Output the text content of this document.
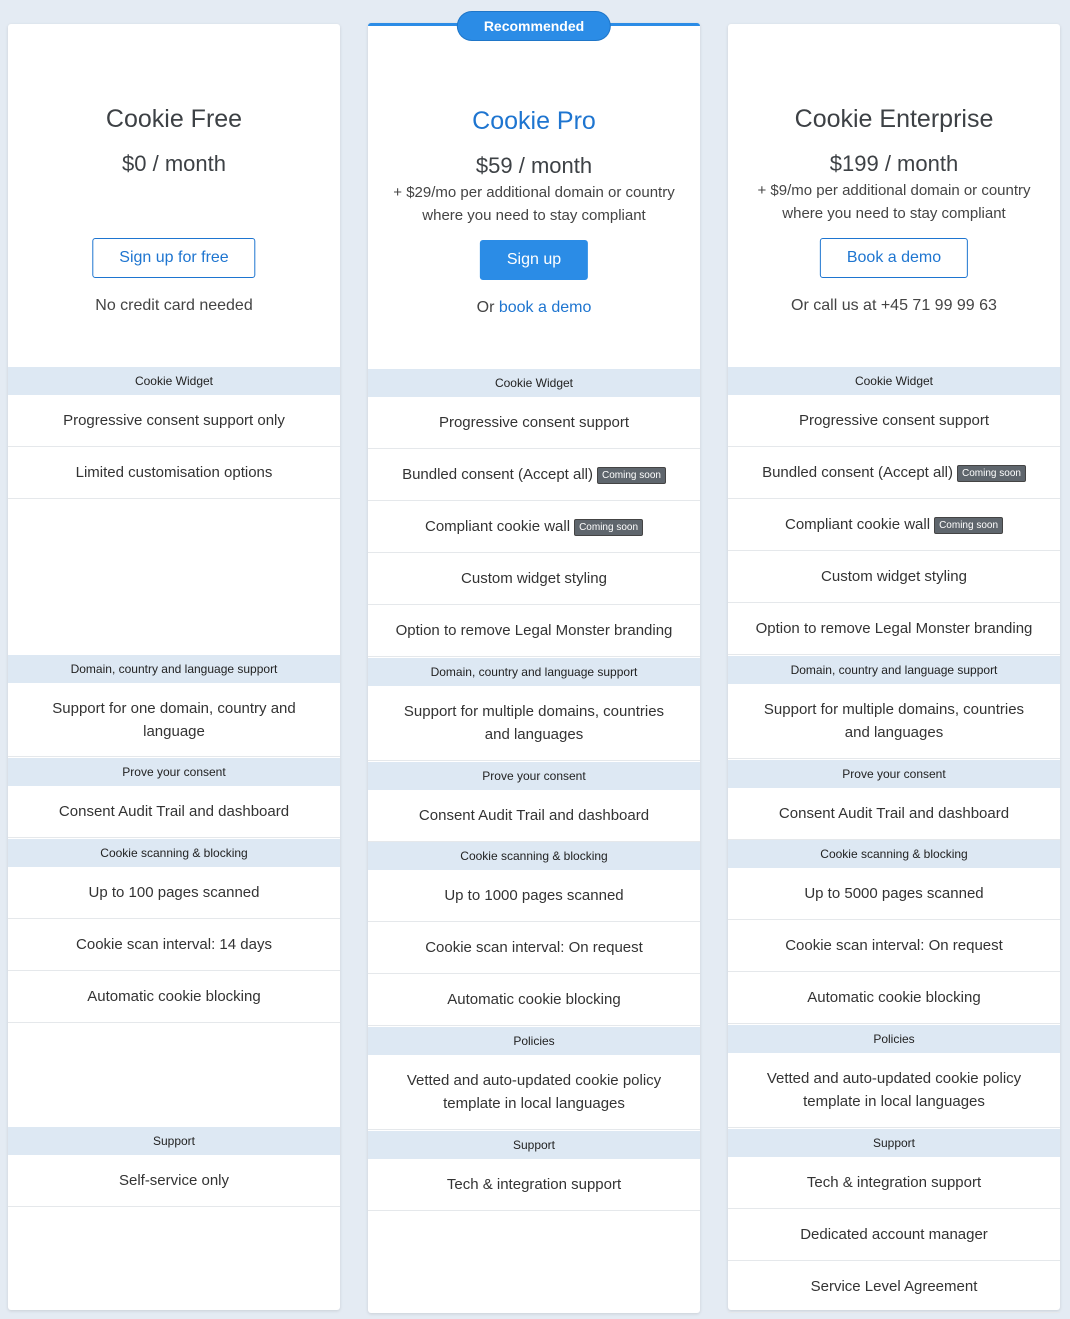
Cookie Free
$0 / month
Sign up for free
No credit card needed
Cookie Widget
Progressive consent support only
Limited customisation options
Domain, country and language support
Support for one domain, country and language
Prove your consent
Consent Audit Trail and dashboard
Cookie scanning & blocking
Up to 100 pages scanned
Cookie scan interval: 14 days
Automatic cookie blocking
Support
Self-service only
Recommended
Cookie Pro
$59 / month
+ $29/mo per additional domain or country
where you need to stay compliant
Sign up
Or book a demo
Cookie Widget
Progressive consent support
Bundled consent (Accept all) Coming soon
Compliant cookie wall Coming soon
Custom widget styling
Option to remove Legal Monster branding
Domain, country and language support
Support for multiple domains, countries and languages
Prove your consent
Consent Audit Trail and dashboard
Cookie scanning & blocking
Up to 1000 pages scanned
Cookie scan interval: On request
Automatic cookie blocking
Policies
Vetted and auto-updated cookie policy template in local languages
Support
Tech & integration support
Cookie Enterprise
$199 / month
+ $9/mo per additional domain or country
where you need to stay compliant
Book a demo
Or call us at +45 71 99 99 63
Cookie Widget
Progressive consent support
Bundled consent (Accept all) Coming soon
Compliant cookie wall Coming soon
Custom widget styling
Option to remove Legal Monster branding
Domain, country and language support
Support for multiple domains, countries and languages
Prove your consent
Consent Audit Trail and dashboard
Cookie scanning & blocking
Up to 5000 pages scanned
Cookie scan interval: On request
Automatic cookie blocking
Policies
Vetted and auto-updated cookie policy template in local languages
Support
Tech & integration support
Dedicated account manager
Service Level Agreement
